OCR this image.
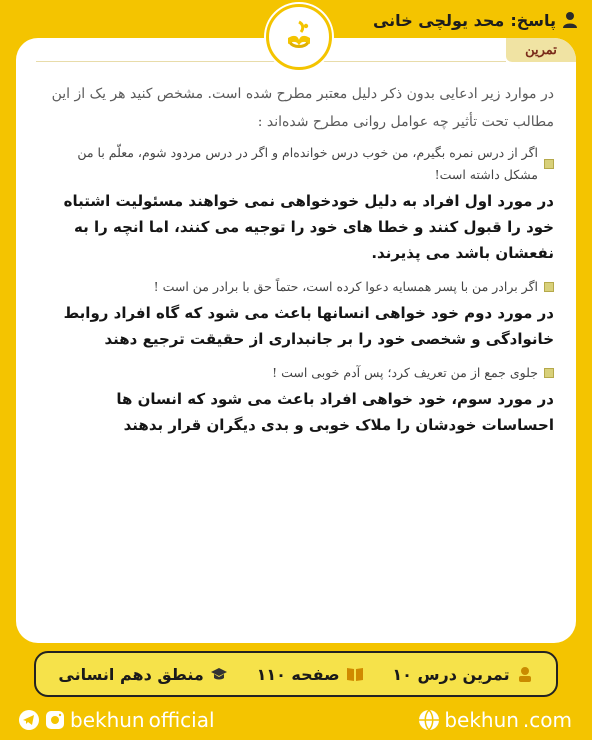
پاسخ:
محد یولچی خانی
تمرین

در موارد زیر ادعایی بدون ذکر دلیل معتبر مطرح شده است. مشخص کنید هر یک از این مطالب تحت تأثیر چه عوامل روانی مطرح شده‌اند :

اگر از درس نمره بگیرم، من خوب درس خوانده‌ام و اگر در درس مردود شوم، معلّم با من مشکل داشته است!

در مورد اول افراد به دلیل خودخواهی نمی خواهند مسئولیت اشتباه خود را قبول کنند و خطا های خود را توجیه می کنند، اما انچه را به نفعشان باشد می پذیرند.

اگر برادر من با پسر همسایه دعوا کرده است، حتماً حق با برادر من است !

در مورد دوم خود خواهی انسانها باعث می شود که گاه افراد روابط خانوادگی و شخصی خود را بر جانبداری از حقیقت ترجیع دهند

جلوی جمع از من تعریف کرد؛ پس آدم خوبی است !

در مورد سوم، خود خواهی افراد باعث می شود که انسان ها احساسات خودشان را ملاک خوبی و بدی دیگران قرار بدهند

تمرین درس ۱۰
صفحه ۱۱۰
منطق دهم انسانی
bekhun official	bekhun .com
